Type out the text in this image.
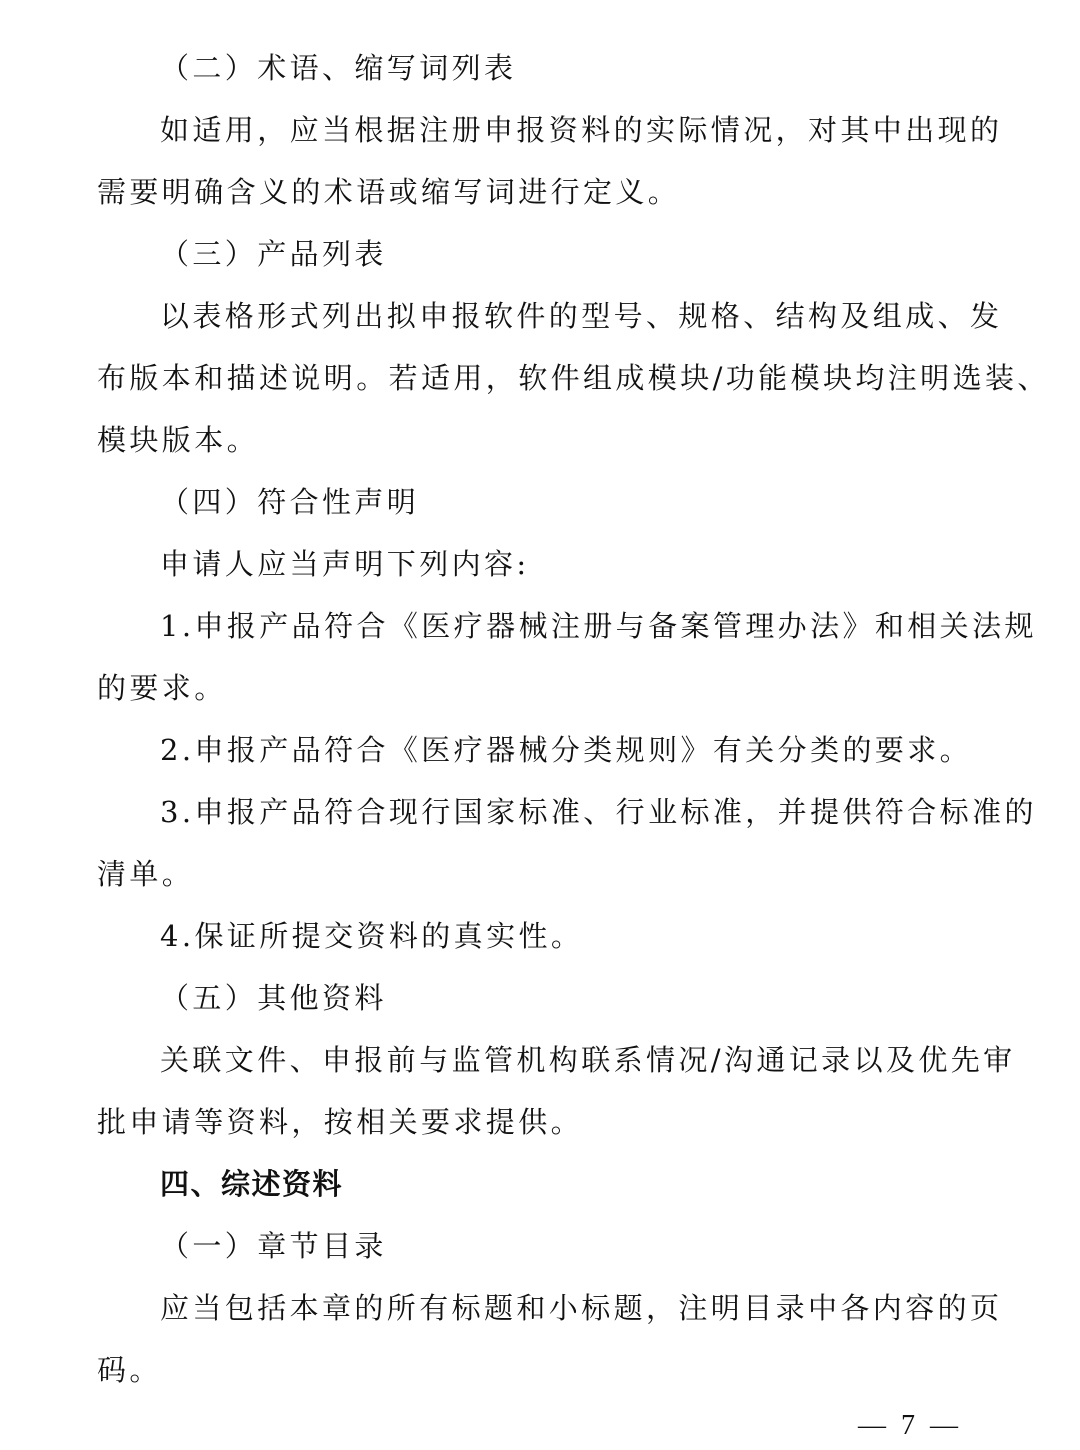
（二）术语、缩写词列表
如适用，应当根据注册申报资料的实际情况，对其中出现的
需要明确含义的术语或缩写词进行定义。
（三）产品列表
以表格形式列出拟申报软件的型号、规格、结构及组成、发
布版本和描述说明。若适用，软件组成模块/功能模块均注明选装、
模块版本。
（四）符合性声明
申请人应当声明下列内容:
1.申报产品符合《医疗器械注册与备案管理办法》和相关法规
的要求。
2.申报产品符合《医疗器械分类规则》有关分类的要求。
3.申报产品符合现行国家标准、行业标准，并提供符合标准的
清单。
4.保证所提交资料的真实性。
（五）其他资料
关联文件、申报前与监管机构联系情况/沟通记录以及优先审
批申请等资料，按相关要求提供。
四、综述资料
（一）章节目录
应当包括本章的所有标题和小标题，注明目录中各内容的页
码。
— 7 —
